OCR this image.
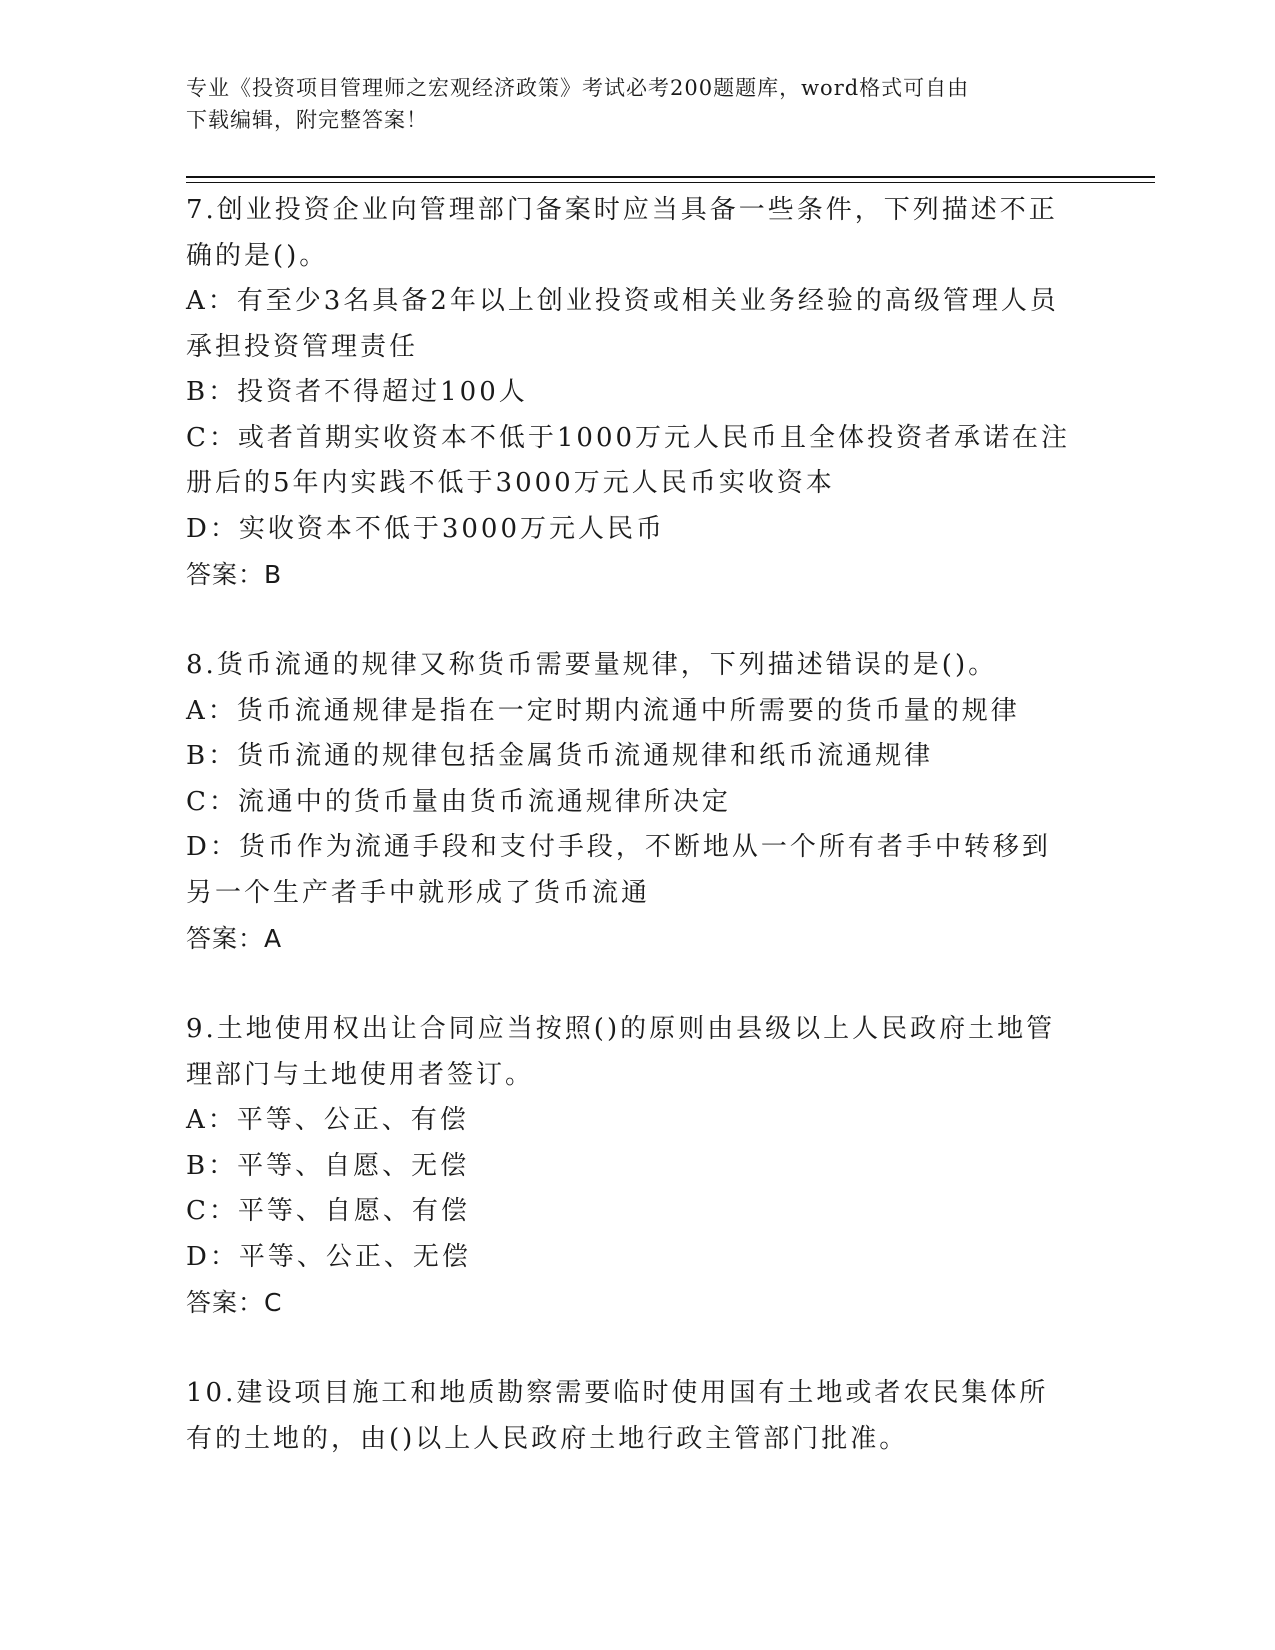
专业《投资项目管理师之宏观经济政策》考试必考200题题库，word格式可自由
下载编辑，附完整答案！

7.创业投资企业向管理部门备案时应当具备一些条件，下列描述不正确的是()。

A：有至少3名具备2年以上创业投资或相关业务经验的高级管理人员承担投资管理责任

B：投资者不得超过100人

C：或者首期实收资本不低于1000万元人民币且全体投资者承诺在注册后的5年内实践不低于3000万元人民币实收资本

D：实收资本不低于3000万元人民币

答案：B

8.货币流通的规律又称货币需要量规律，下列描述错误的是()。

A：货币流通规律是指在一定时期内流通中所需要的货币量的规律

B：货币流通的规律包括金属货币流通规律和纸币流通规律

C：流通中的货币量由货币流通规律所决定

D：货币作为流通手段和支付手段，不断地从一个所有者手中转移到另一个生产者手中就形成了货币流通

答案：A

9.土地使用权出让合同应当按照()的原则由县级以上人民政府土地管理部门与土地使用者签订。

A：平等、公正、有偿

B：平等、自愿、无偿

C：平等、自愿、有偿

D：平等、公正、无偿

答案：C

10.建设项目施工和地质勘察需要临时使用国有土地或者农民集体所有的土地的，由()以上人民政府土地行政主管部门批准。
